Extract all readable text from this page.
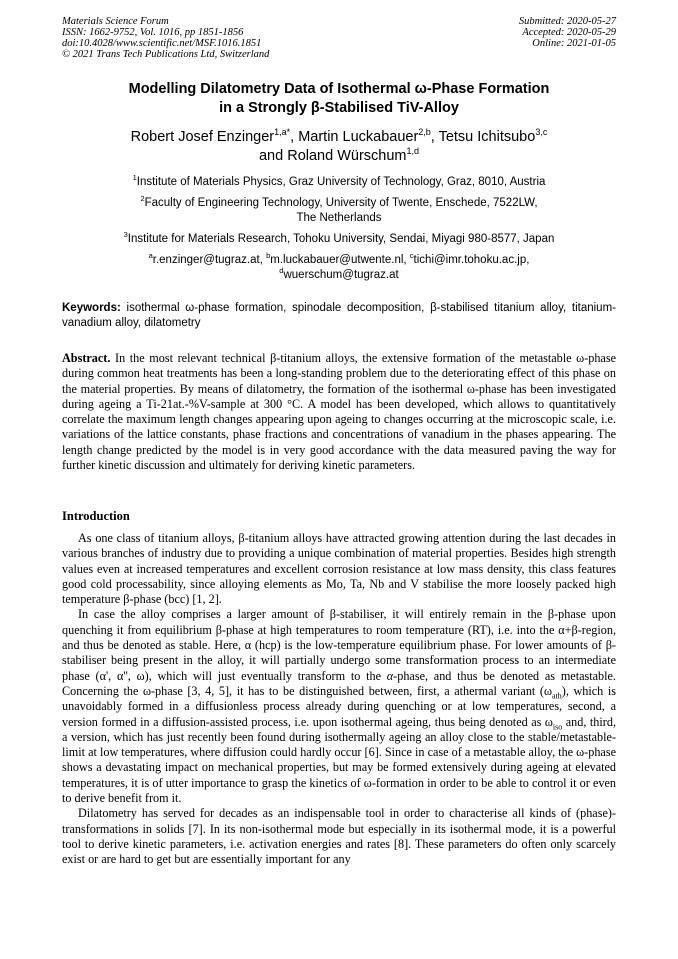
Materials Science Forum
ISSN: 1662-9752, Vol. 1016, pp 1851-1856
doi:10.4028/www.scientific.net/MSF.1016.1851
© 2021 Trans Tech Publications Ltd, Switzerland
Submitted: 2020-05-27
Accepted: 2020-05-29
Online: 2021-01-05
Modelling Dilatometry Data of Isothermal ω-Phase Formation
in a Strongly β-Stabilised TiV-Alloy
Robert Josef Enzinger$^{1,a*}$, Martin Luckabauer$^{2,b}$, Tetsu Ichitsubo$^{3,c}$
and Roland Würschum$^{1,d}$
$^1$Institute of Materials Physics, Graz University of Technology, Graz, 8010, Austria
$^2$Faculty of Engineering Technology, University of Twente, Enschede, 7522LW,
The Netherlands
$^3$Institute for Materials Research, Tohoku University, Sendai, Miyagi 980-8577, Japan
$^a$r.enzinger@tugraz.at, $^b$m.luckabauer@utwente.nl, $^c$tichi@imr.tohoku.ac.jp,
$^d$wuerschum@tugraz.at
Keywords: isothermal ω-phase formation, spinodale decomposition, β-stabilised titanium alloy, titanium-vanadium alloy, dilatometry

Abstract. In the most relevant technical β-titanium alloys, the extensive formation of the metastable ω-phase during common heat treatments has been a long-standing problem due to the deteriorating effect of this phase on the material properties. By means of dilatometry, the formation of the isothermal ω-phase has been investigated during ageing a Ti-21at.-%V-sample at 300 °C. A model has been developed, which allows to quantitatively correlate the maximum length changes appearing upon ageing to changes occurring at the microscopic scale, i.e. variations of the lattice constants, phase fractions and concentrations of vanadium in the phases appearing. The length change predicted by the model is in very good accordance with the data measured paving the way for further kinetic discussion and ultimately for deriving kinetic parameters.

Introduction

As one class of titanium alloys, β-titanium alloys have attracted growing attention during the last decades in various branches of industry due to providing a unique combination of material properties. Besides high strength values even at increased temperatures and excellent corrosion resistance at low mass density, this class features good cold processability, since alloying elements as Mo, Ta, Nb and V stabilise the more loosely packed high temperature β-phase (bcc) [1, 2].

In case the alloy comprises a larger amount of β-stabiliser, it will entirely remain in the β-phase upon quenching it from equilibrium β-phase at high temperatures to room temperature (RT), i.e. into the α+β-region, and thus be denoted as stable. Here, α (hcp) is the low-temperature equilibrium phase. For lower amounts of β-stabiliser being present in the alloy, it will partially undergo some transformation process to an intermediate phase (α', α'', ω), which will just eventually transform to the α-phase, and thus be denoted as metastable. Concerning the ω-phase [3, 4, 5], it has to be distinguished between, first, a athermal variant $(\omega_{ath})$, which is unavoidably formed in a diffusionless process already during quenching or at low temperatures, second, a version formed in a diffusion-assisted process, i.e. upon isothermal ageing, thus being denoted as $\omega_{iso}$ and, third, a version, which has just recently been found during isothermally ageing an alloy close to the stable/metastable-limit at low temperatures, where diffusion could hardly occur [6]. Since in case of a metastable alloy, the ω-phase shows a devastating impact on mechanical properties, but may be formed extensively during ageing at elevated temperatures, it is of utter importance to grasp the kinetics of ω-formation in order to be able to control it or even to derive benefit from it.

Dilatometry has served for decades as an indispensable tool in order to characterise all kinds of (phase)-transformations in solids [7]. In its non-isothermal mode but especially in its isothermal mode, it is a powerful tool to derive kinetic parameters, i.e. activation energies and rates [8]. These parameters do often only scarcely exist or are hard to get but are essentially important for any
